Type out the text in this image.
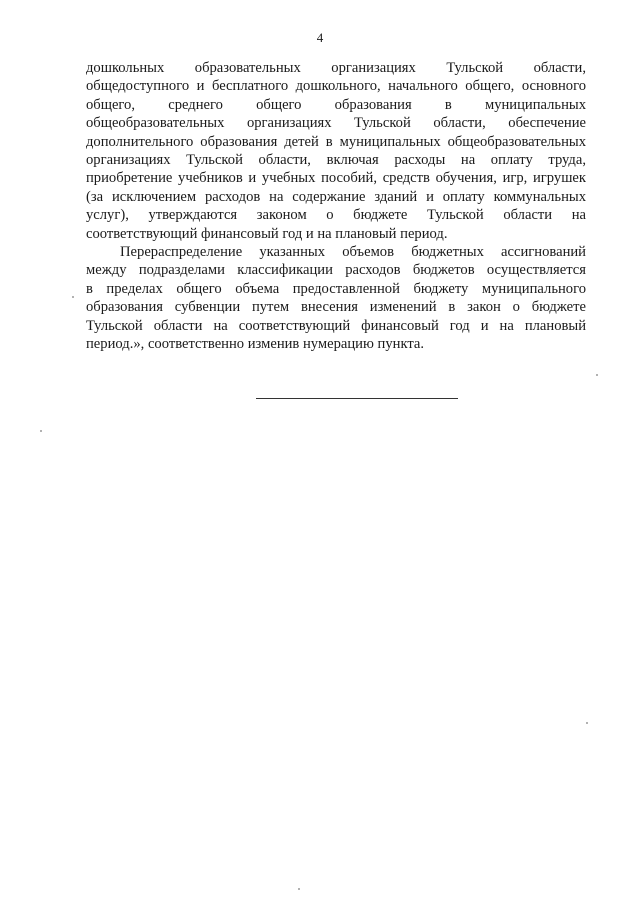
4
дошкольных образовательных организациях Тульской области,
общедоступного и бесплатного дошкольного, начального общего, основного
общего, среднего общего образования в муниципальных
общеобразовательных организациях Тульской области, обеспечение
дополнительного образования детей в муниципальных общеобразовательных
организациях Тульской области, включая расходы на оплату труда,
приобретение учебников и учебных пособий, средств обучения, игр, игрушек
(за исключением расходов на содержание зданий и оплату коммунальных
услуг), утверждаются законом о бюджете Тульской области на
соответствующий финансовый год и на плановый период.
Перераспределение указанных объемов бюджетных ассигнований
между подразделами классификации расходов бюджетов осуществляется
в пределах общего объема предоставленной бюджету муниципального
образования субвенции путем внесения изменений в закон о бюджете
Тульской области на соответствующий финансовый год и на плановый
период.», соответственно изменив нумерацию пункта.
